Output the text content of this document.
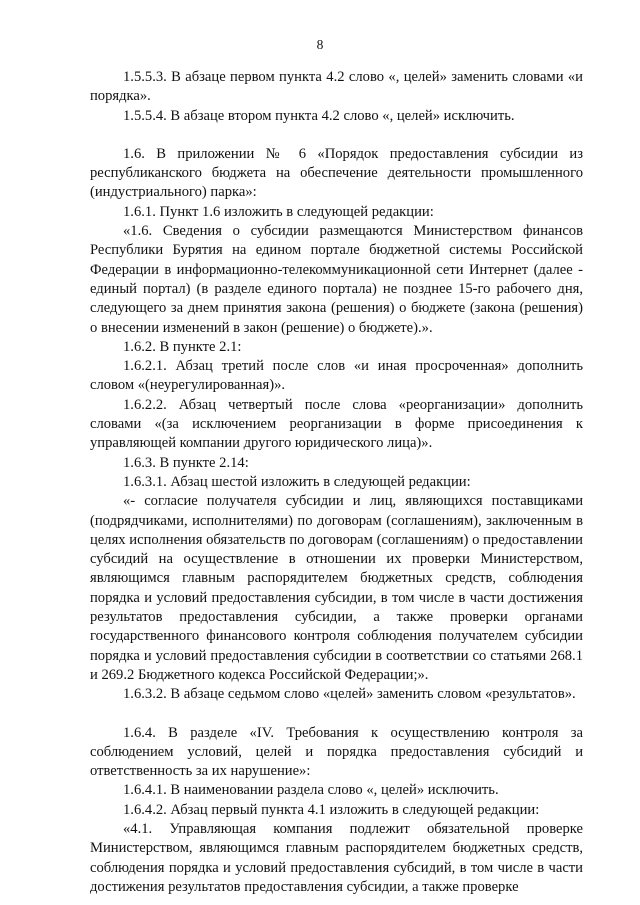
8

1.5.5.3. В абзаце первом пункта 4.2 слово «, целей» заменить словами «и порядка».

1.5.5.4. В абзаце втором пункта 4.2 слово «, целей» исключить.

1.6. В приложении № 6 «Порядок предоставления субсидии из республиканского бюджета на обеспечение деятельности промышленного (индустриального) парка»:

1.6.1. Пункт 1.6 изложить в следующей редакции:

«1.6. Сведения о субсидии размещаются Министерством финансов Республики Бурятия на едином портале бюджетной системы Российской Федерации в информационно-телекоммуникационной сети Интернет (далее - единый портал) (в разделе единого портала) не позднее 15-го рабочего дня, следующего за днем принятия закона (решения) о бюджете (закона (решения) о внесении изменений в закон (решение) о бюджете).».

1.6.2. В пункте 2.1:

1.6.2.1. Абзац третий после слов «и иная просроченная» дополнить словом «(неурегулированная)».

1.6.2.2. Абзац четвертый после слова «реорганизации» дополнить словами «(за исключением реорганизации в форме присоединения к управляющей компании другого юридического лица)».

1.6.3. В пункте 2.14:

1.6.3.1. Абзац шестой изложить в следующей редакции:

«- согласие получателя субсидии и лиц, являющихся поставщиками (подрядчиками, исполнителями) по договорам (соглашениям), заключенным в целях исполнения обязательств по договорам (соглашениям) о предоставлении субсидий на осуществление в отношении их проверки Министерством, являющимся главным распорядителем бюджетных средств, соблюдения порядка и условий предоставления субсидии, в том числе в части достижения результатов предоставления субсидии, а также проверки органами государственного финансового контроля соблюдения получателем субсидии порядка и условий предоставления субсидии в соответствии со статьями 268.1 и 269.2 Бюджетного кодекса Российской Федерации;».

1.6.3.2. В абзаце седьмом слово «целей» заменить словом «результатов».

1.6.4. В разделе «IV. Требования к осуществлению контроля за соблюдением условий, целей и порядка предоставления субсидий и ответственность за их нарушение»:

1.6.4.1. В наименовании раздела слово «, целей» исключить.

1.6.4.2. Абзац первый пункта 4.1 изложить в следующей редакции:

«4.1. Управляющая компания подлежит обязательной проверке Министерством, являющимся главным распорядителем бюджетных средств, соблюдения порядка и условий предоставления субсидий, в том числе в части достижения результатов предоставления субсидии, а также проверке
